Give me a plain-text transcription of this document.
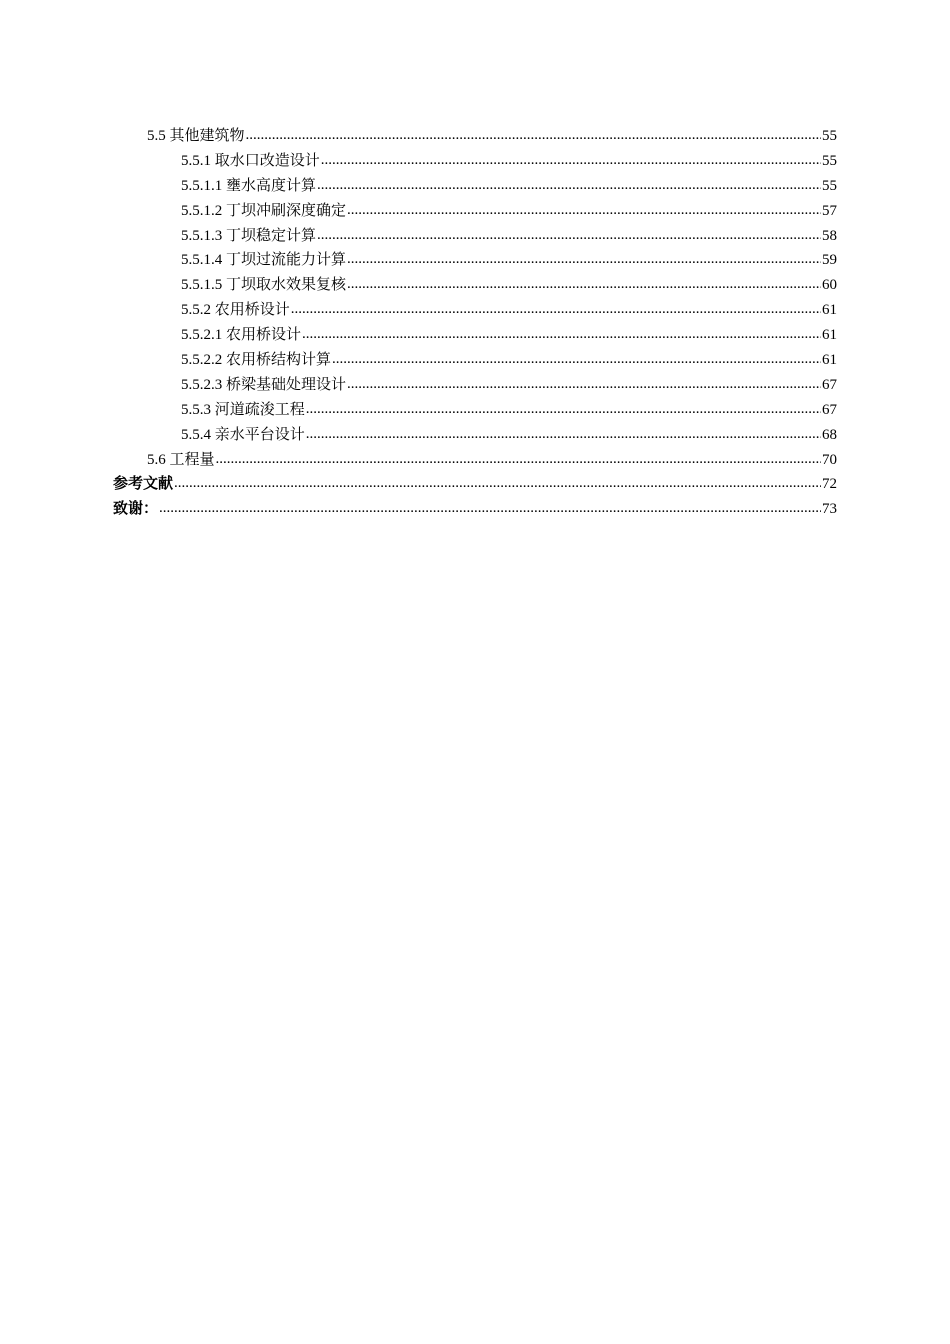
5.5 其他建筑物 .....	55
5.5.1 取水口改造设计 .....	55
5.5.1.1 壅水高度计算 .....	55
5.5.1.2 丁坝冲刷深度确定 .....	57
5.5.1.3 丁坝稳定计算 .....	58
5.5.1.4 丁坝过流能力计算 .....	59
5.5.1.5 丁坝取水效果复核 .....	60
5.5.2 农用桥设计 .....	61
5.5.2.1 农用桥设计 .....	61
5.5.2.2 农用桥结构计算 .....	61
5.5.2.3 桥梁基础处理设计 .....	67
5.5.3 河道疏浚工程 .....	67
5.5.4 亲水平台设计 .....	68
5.6 工程量 .....	70
参考文献 .....	72
致谢： .....	73
